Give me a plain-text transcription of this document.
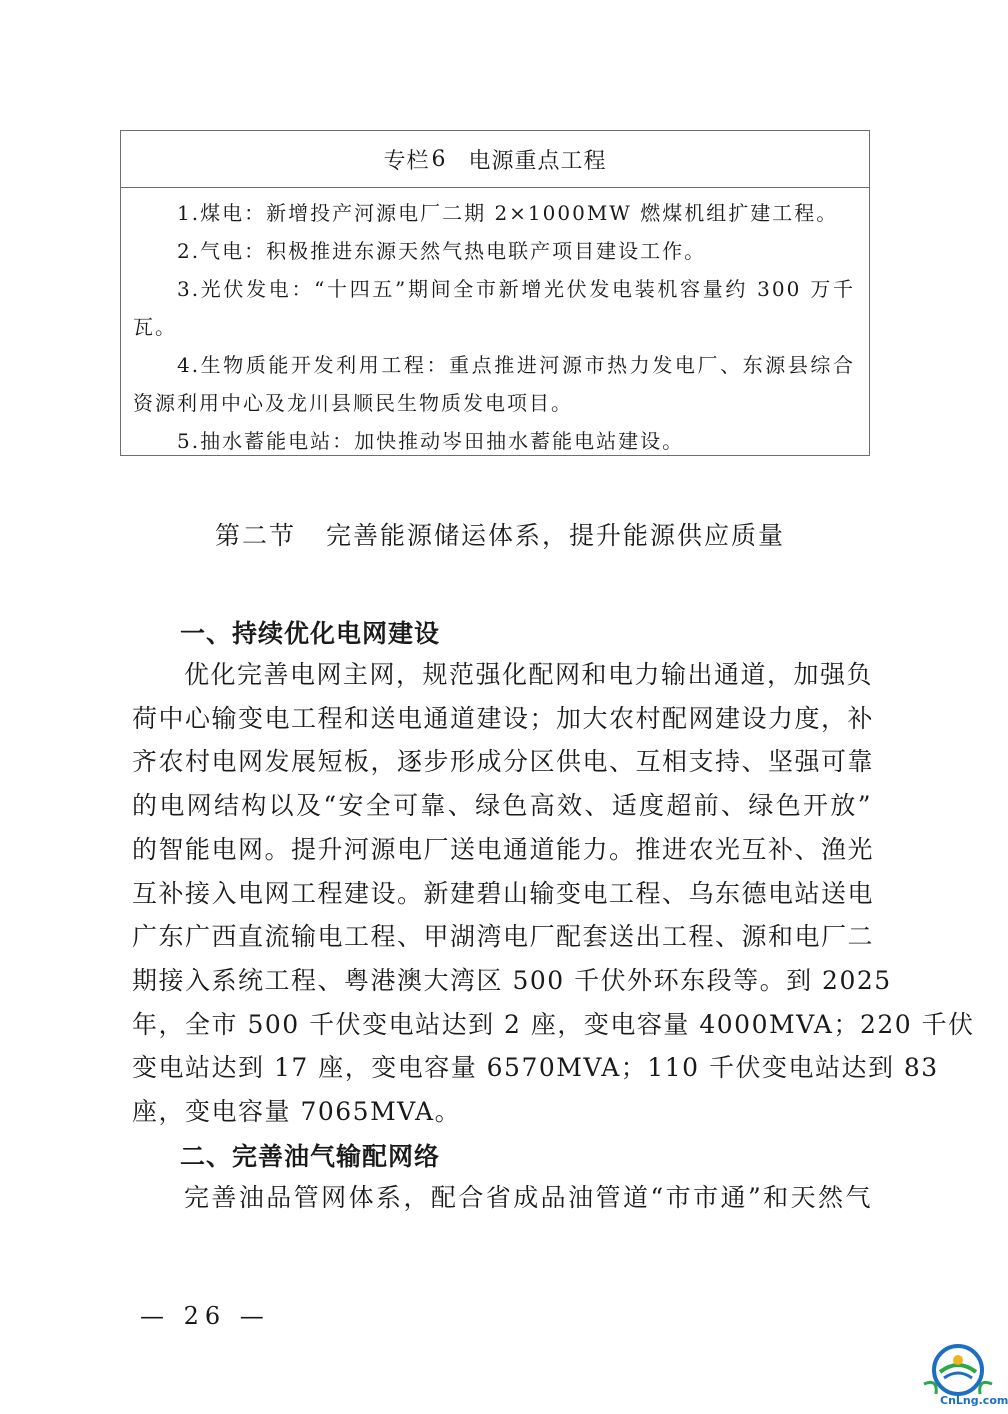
专栏 6 电源重点工程
1.煤电：新增投产河源电厂二期 2×1000MW 燃煤机组扩建工程。
2.气电：积极推进东源天然气热电联产项目建设工作。
3.光伏发电：“十四五”期间全市新增光伏发电装机容量约 300 万千
瓦。
4.生物质能开发利用工程：重点推进河源市热力发电厂、东源县综合
资源利用中心及龙川县顺民生物质发电项目。
5.抽水蓄能电站：加快推动岑田抽水蓄能电站建设。
第二节 完善能源储运体系，提升能源供应质量
一、持续优化电网建设
优化完善电网主网，规范强化配网和电力输出通道，加强负
荷中心输变电工程和送电通道建设；加大农村配网建设力度，补
齐农村电网发展短板，逐步形成分区供电、互相支持、坚强可靠
的电网结构以及“安全可靠、绿色高效、适度超前、绿色开放”
的智能电网。提升河源电厂送电通道能力。推进农光互补、渔光
互补接入电网工程建设。新建碧山输变电工程、乌东德电站送电
广东广西直流输电工程、甲湖湾电厂配套送出工程、源和电厂二
期接入系统工程、粤港澳大湾区 500 千伏外环东段等。到 2025
年，全市 500 千伏变电站达到 2 座，变电容量 4000MVA；220 千伏
变电站达到 17 座，变电容量 6570MVA；110 千伏变电站达到 83
座，变电容量 7065MVA。
二、完善油气输配网络
完善油品管网体系，配合省成品油管道“市市通”和天然气
— 26 —
CnLng.com
